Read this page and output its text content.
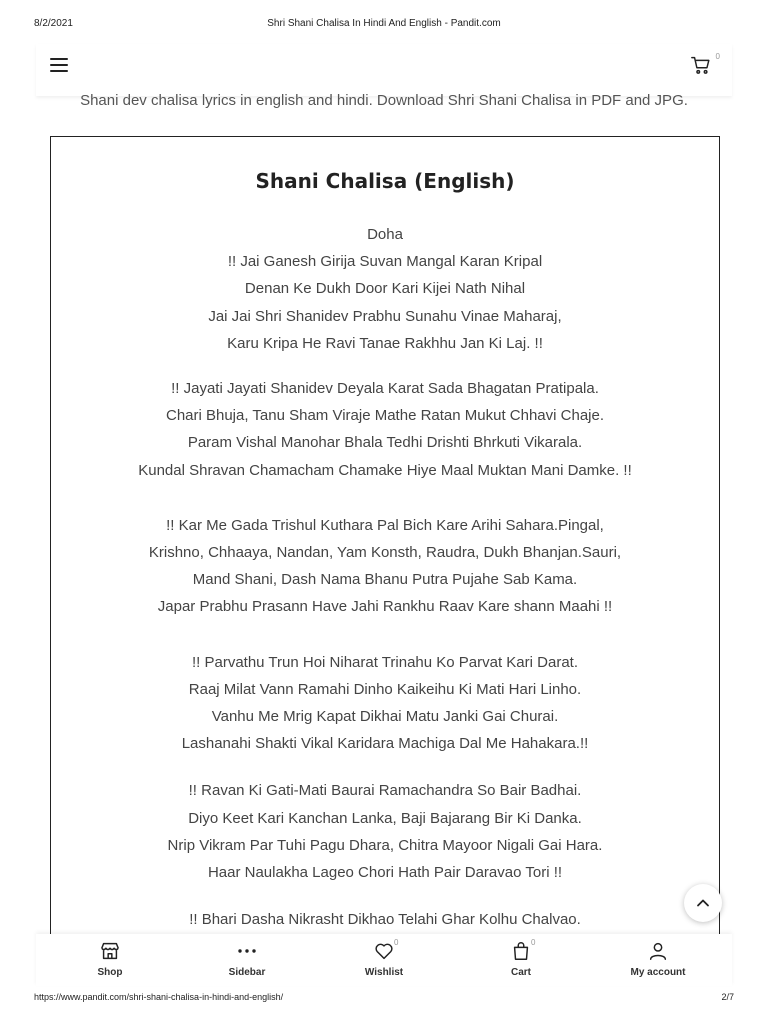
8/2/2021	Shri Shani Chalisa In Hindi And English - Pandit.com
0
Shani dev chalisa lyrics in english and hindi. Download Shri Shani Chalisa in PDF and JPG.
Shani Chalisa (English)
Doha
!! Jai Ganesh Girija Suvan Mangal Karan Kripal
Denan Ke Dukh Door Kari Kijei Nath Nihal
Jai Jai Shri Shanidev Prabhu Sunahu Vinae Maharaj,
Karu Kripa He Ravi Tanae Rakhhu Jan Ki Laj. !!
!! Jayati Jayati Shanidev Deyala Karat Sada Bhagatan Pratipala.
Chari Bhuja, Tanu Sham Viraje Mathe Ratan Mukut Chhavi Chaje.
Param Vishal Manohar Bhala Tedhi Drishti Bhrkuti Vikarala.
Kundal Shravan Chamacham Chamake Hiye Maal Muktan Mani Damke. !!
!! Kar Me Gada Trishul Kuthara Pal Bich Kare Arihi Sahara.Pingal,
Krishno, Chhaaya, Nandan, Yam Konsth, Raudra, Dukh Bhanjan.Sauri,
Mand Shani, Dash Nama Bhanu Putra Pujahe Sab Kama.
Japar Prabhu Prasann Have Jahi Rankhu Raav Kare shann Maahi !!
!! Parvathu Trun Hoi Niharat Trinahu Ko Parvat Kari Darat.
Raaj Milat Vann Ramahi Dinho Kaikeihu Ki Mati Hari Linho.
Vanhu Me Mrig Kapat Dikhai Matu Janki Gai Churai.
Lashanahi Shakti Vikal Karidara Machiga Dal Me Hahakara.!!
!! Ravan Ki Gati-Mati Baurai Ramachandra So Bair Badhai.
Diyo Keet Kari Kanchan Lanka, Baji Bajarang Bir Ki Danka.
Nrip Vikram Par Tuhi Pagu Dhara, Chitra Mayoor Nigali Gai Hara.
Haar Naulakha Lageo Chori Hath Pair Daravao Tori !!
!! Bhari Dasha Nikrasht Dikhao Telahi Ghar Kolhu Chalvao.
Shop	Sidebar
0
Wishlist
0
Cart	My account
https://www.pandit.com/shri-shani-chalisa-in-hindi-and-english/	2/7
